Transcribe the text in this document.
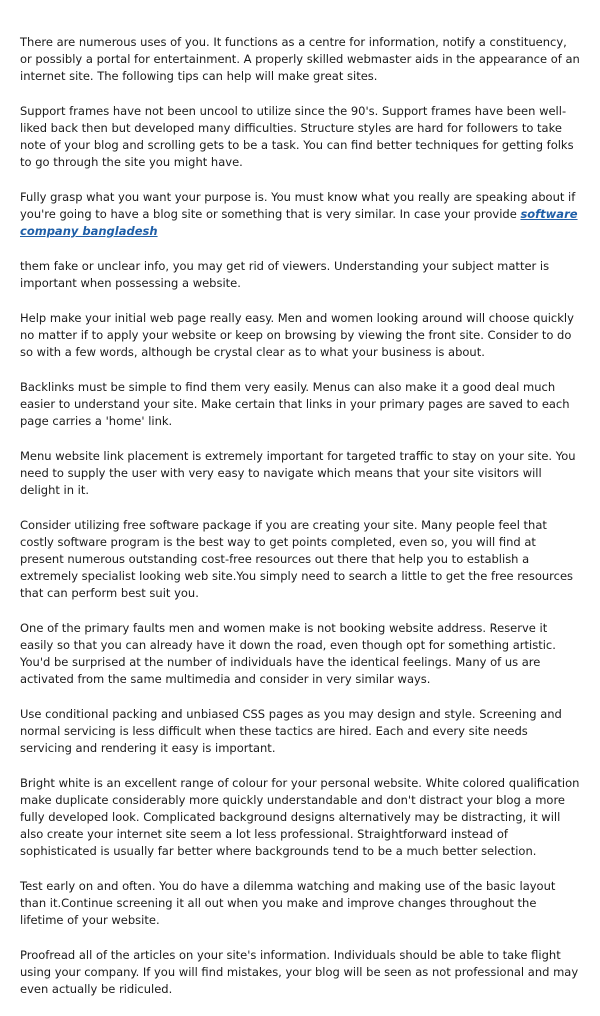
There are numerous uses of you. It functions as a centre for information, notify a constituency, or possibly a portal for entertainment. A properly skilled webmaster aids in the appearance of an internet site. The following tips can help will make great sites.

Support frames have not been uncool to utilize since the 90's. Support frames have been well-liked back then but developed many difficulties. Structure styles are hard for followers to take note of your blog and scrolling gets to be a task. You can find better techniques for getting folks to go through the site you might have.

Fully grasp what you want your purpose is. You must know what you really are speaking about if you're going to have a blog site or something that is very similar. In case your provide software company bangladesh

them fake or unclear info, you may get rid of viewers. Understanding your subject matter is important when possessing a website.

Help make your initial web page really easy. Men and women looking around will choose quickly no matter if to apply your website or keep on browsing by viewing the front site. Consider to do so with a few words, although be crystal clear as to what your business is about.

Backlinks must be simple to find them very easily. Menus can also make it a good deal much easier to understand your site. Make certain that links in your primary pages are saved to each page carries a 'home' link.

Menu website link placement is extremely important for targeted traffic to stay on your site. You need to supply the user with very easy to navigate which means that your site visitors will delight in it.

Consider utilizing free software package if you are creating your site. Many people feel that costly software program is the best way to get points completed, even so, you will find at present numerous outstanding cost-free resources out there that help you to establish a extremely specialist looking web site.You simply need to search a little to get the free resources that can perform best suit you.

One of the primary faults men and women make is not booking website address. Reserve it easily so that you can already have it down the road, even though opt for something artistic. You'd be surprised at the number of individuals have the identical feelings. Many of us are activated from the same multimedia and consider in very similar ways.

Use conditional packing and unbiased CSS pages as you may design and style. Screening and normal servicing is less difficult when these tactics are hired. Each and every site needs servicing and rendering it easy is important.

Bright white is an excellent range of colour for your personal website. White colored qualification make duplicate considerably more quickly understandable and don't distract your blog a more fully developed look. Complicated background designs alternatively may be distracting, it will also create your internet site seem a lot less professional. Straightforward instead of sophisticated is usually far better where backgrounds tend to be a much better selection.

Test early on and often. You do have a dilemma watching and making use of the basic layout than it.Continue screening it all out when you make and improve changes throughout the lifetime of your website.

Proofread all of the articles on your site's information. Individuals should be able to take flight using your company. If you will find mistakes, your blog will be seen as not professional and may even actually be ridiculed.
